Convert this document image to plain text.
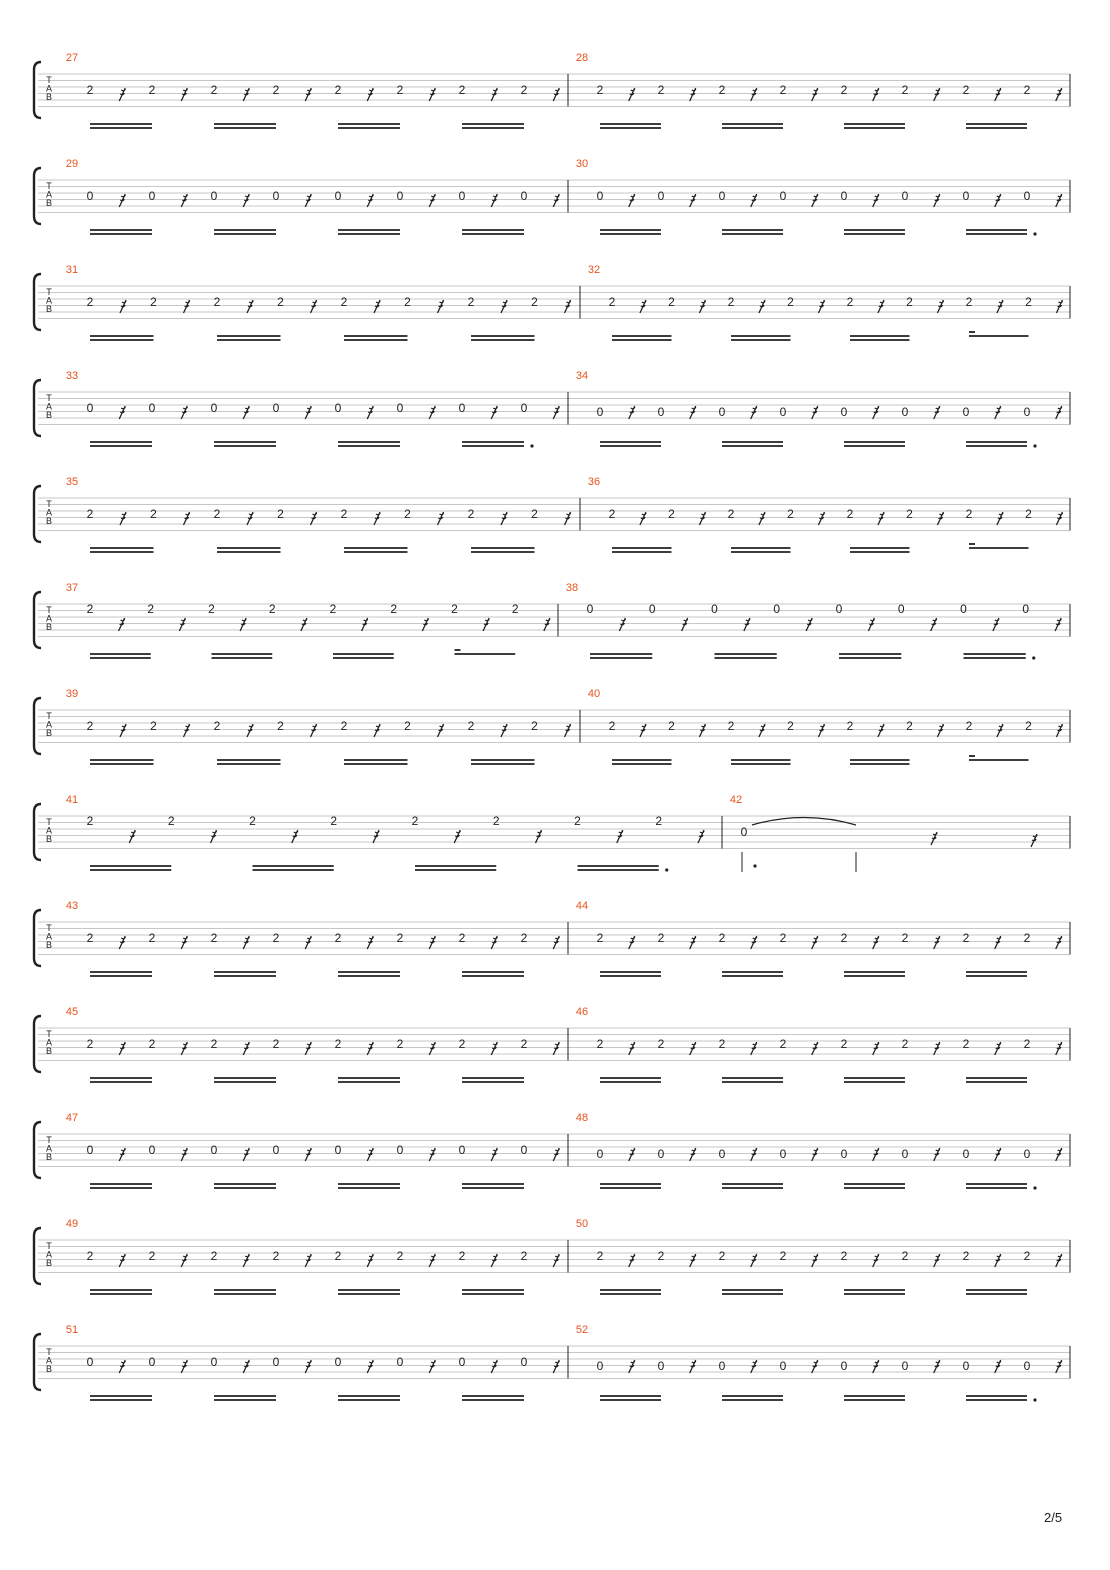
T
A
B
27
2	2	2	2	2	2	2	2
28
2	2	2	2	2	2	2	2
T
A
B
29
0	0	0	0	0	0	0	0
30
0	0	0	0	0	0	0	0
T
A
B
31
2	2	2	2	2	2	2	2
32
2	2	2	2	2	2	2	2
T
A
B
33
0	0	0	0	0	0	0	0
34
0	0	0	0	0	0	0	0
T
A
B
35
2	2	2	2	2	2	2	2
36
2	2	2	2	2	2	2	2
T
A
B
37
2	2	2	2	2	2	2	2
38
0	0	0	0	0	0	0	0
T
A
B
39
2	2	2	2	2	2	2	2
40
2	2	2	2	2	2	2	2
T
A
B
41
2	2	2	2	2	2	2	2
42
0
T
A
B
43
2	2	2	2	2	2	2	2
44
2	2	2	2	2	2	2	2
T
A
B
45
2	2	2	2	2	2	2	2
46
2	2	2	2	2	2	2	2
T
A
B
47
0	0	0	0	0	0	0	0
48
0	0	0	0	0	0	0	0
T
A
B
49
2	2	2	2	2	2	2	2
50
2	2	2	2	2	2	2	2
T
A
B
51
0	0	0	0	0	0	0	0
52
0	0	0	0	0	0	0	0
2/5
